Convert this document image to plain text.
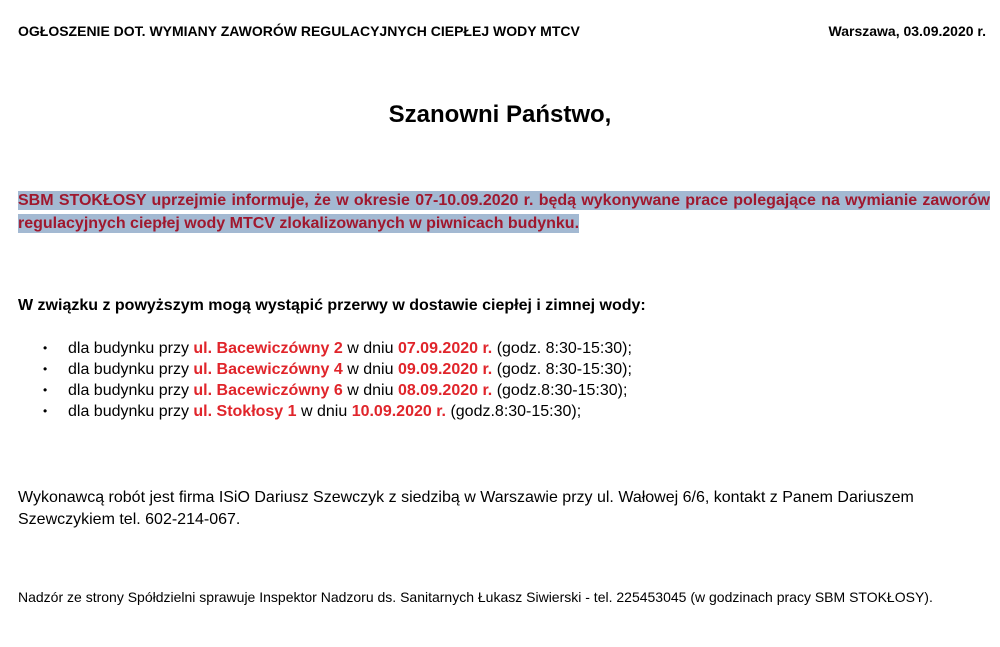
OGŁOSZENIE DOT. WYMIANY ZAWORÓW REGULACYJNYCH CIEPŁEJ WODY MTCV	Warszawa, 03.09.2020 r.
Szanowni Państwo,
SBM STOKŁOSY uprzejmie informuje, że w okresie 07-10.09.2020 r. będą wykonywane prace polegające na wymianie zaworów regulacyjnych ciepłej wody MTCV zlokalizowanych w piwnicach budynku.
W związku z powyższym mogą wystąpić przerwy w dostawie ciepłej i zimnej wody:
• dla budynku przy ul. Bacewiczówny 2 w dniu 07.09.2020 r. (godz. 8:30-15:30);
• dla budynku przy ul. Bacewiczówny 4 w dniu 09.09.2020 r. (godz. 8:30-15:30);
• dla budynku przy ul. Bacewiczówny 6 w dniu 08.09.2020 r. (godz.8:30-15:30);
• dla budynku przy ul. Stokłosy 1 w dniu 10.09.2020 r. (godz.8:30-15:30);
Wykonawcą robót jest firma ISiO Dariusz Szewczyk z siedzibą w Warszawie przy ul. Wałowej 6/6, kontakt z Panem Dariuszem Szewczykiem tel. 602-214-067.
Nadzór ze strony Spółdzielni sprawuje Inspektor Nadzoru ds. Sanitarnych Łukasz Siwierski - tel. 225453045 (w godzinach pracy SBM STOKŁOSY).
